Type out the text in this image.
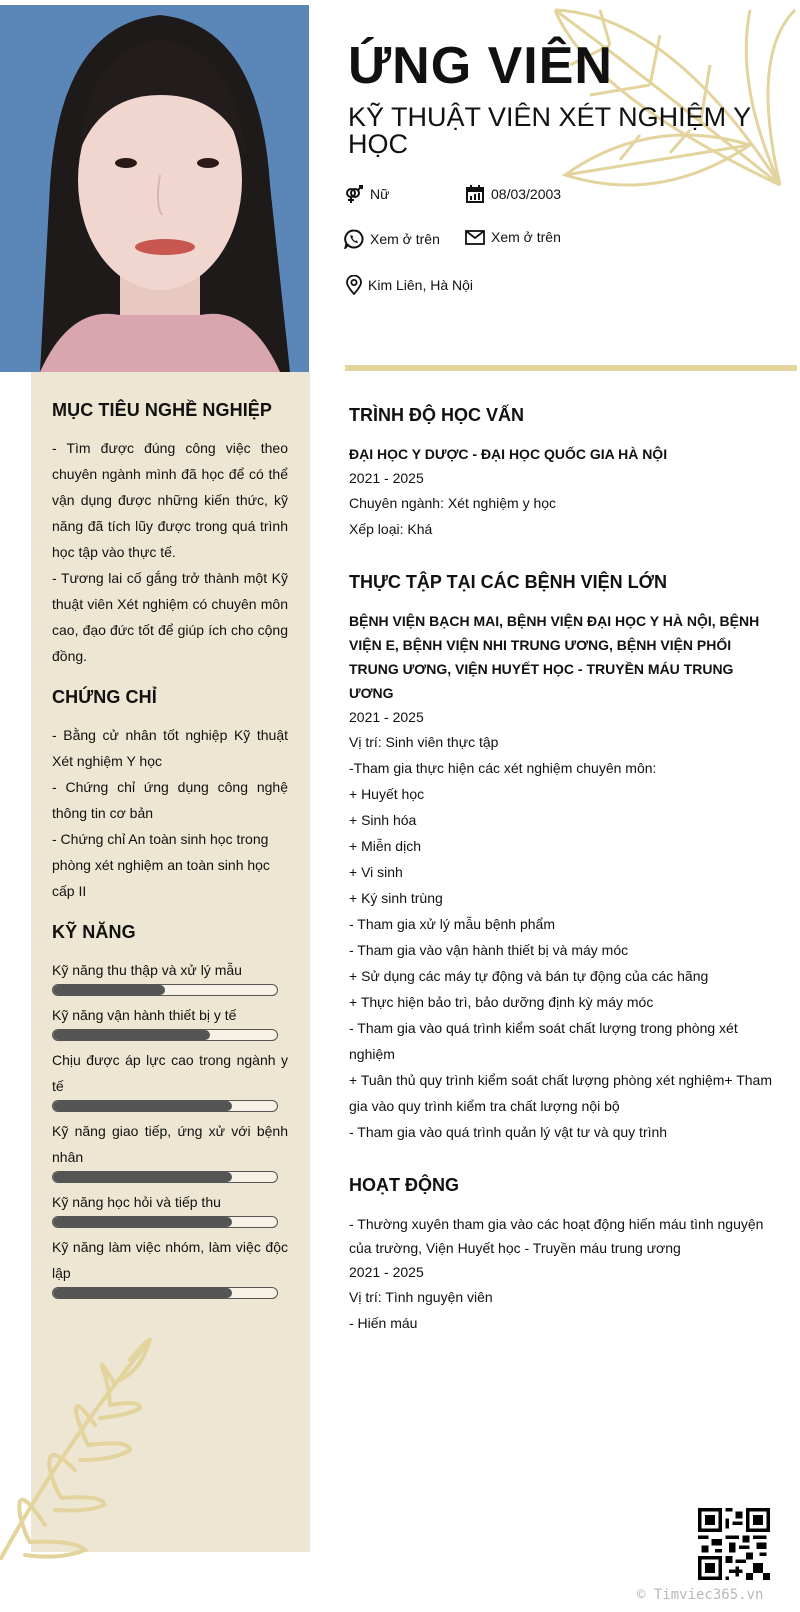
ỨNG VIÊN
KỸ THUẬT VIÊN XÉT NGHIỆM Y HỌC
Nữ	08/03/2003
Xem ở trên	Xem ở trên
Kim Liên, Hà Nội
MỤC TIÊU NGHỀ NGHIỆP

- Tìm được đúng công việc theo chuyên ngành mình đã học để có thể vận dụng được những kiến thức, kỹ năng đã tích lũy được trong quá trình học tập vào thực tế.

- Tương lai cố gắng trở thành một Kỹ thuật viên Xét nghiệm có chuyên môn cao, đạo đức tốt để giúp ích cho cộng đồng.

CHỨNG CHỈ

- Bằng cử nhân tốt nghiệp Kỹ thuật Xét nghiệm Y học

- Chứng chỉ ứng dụng công nghệ thông tin cơ bản

- Chứng chỉ An toàn sinh học trong phòng xét nghiệm an toàn sinh học cấp II

KỸ NĂNG
Kỹ năng thu thập và xử lý mẫu
Kỹ năng vận hành thiết bị y tế
Chịu được áp lực cao trong ngành y tế
Kỹ năng giao tiếp, ứng xử với bệnh nhân
Kỹ năng học hỏi và tiếp thu
Kỹ năng làm việc nhóm, làm việc độc lập
TRÌNH ĐỘ HỌC VẤN
ĐẠI HỌC Y DƯỢC - ĐẠI HỌC QUỐC GIA HÀ NỘI
2021 - 2025
Chuyên ngành: Xét nghiệm y học
Xếp loại: Khá
THỰC TẬP TẠI CÁC BỆNH VIỆN LỚN
BỆNH VIỆN BẠCH MAI, BỆNH VIỆN ĐẠI HỌC Y HÀ NỘI, BỆNH VIỆN E, BỆNH VIỆN NHI TRUNG ƯƠNG, BỆNH VIỆN PHỔI TRUNG ƯƠNG, VIỆN HUYẾT HỌC - TRUYỀN MÁU TRUNG ƯƠNG
2021 - 2025
Vị trí: Sinh viên thực tập
-Tham gia thực hiện các xét nghiệm chuyên môn:
+ Huyết học
+ Sinh hóa
+ Miễn dịch
+ Vi sinh
+ Ký sinh trùng
- Tham gia xử lý mẫu bệnh phẩm
- Tham gia vào vận hành thiết bị và máy móc
+ Sử dụng các máy tự động và bán tự động của các hãng
+ Thực hiện bảo trì, bảo dưỡng định kỳ máy móc
- Tham gia vào quá trình kiểm soát chất lượng trong phòng xét nghiệm
+ Tuân thủ quy trình kiểm soát chất lượng phòng xét nghiệm+ Tham gia vào quy trình kiểm tra chất lượng nội bộ
- Tham gia vào quá trình quản lý vật tư và quy trình
HOẠT ĐỘNG
- Thường xuyên tham gia vào các hoạt động hiến máu tình nguyện của trường, Viện Huyết học - Truyền máu trung ương
2021 - 2025
Vị trí: Tình nguyện viên
- Hiến máu
© Timviec365.vn
